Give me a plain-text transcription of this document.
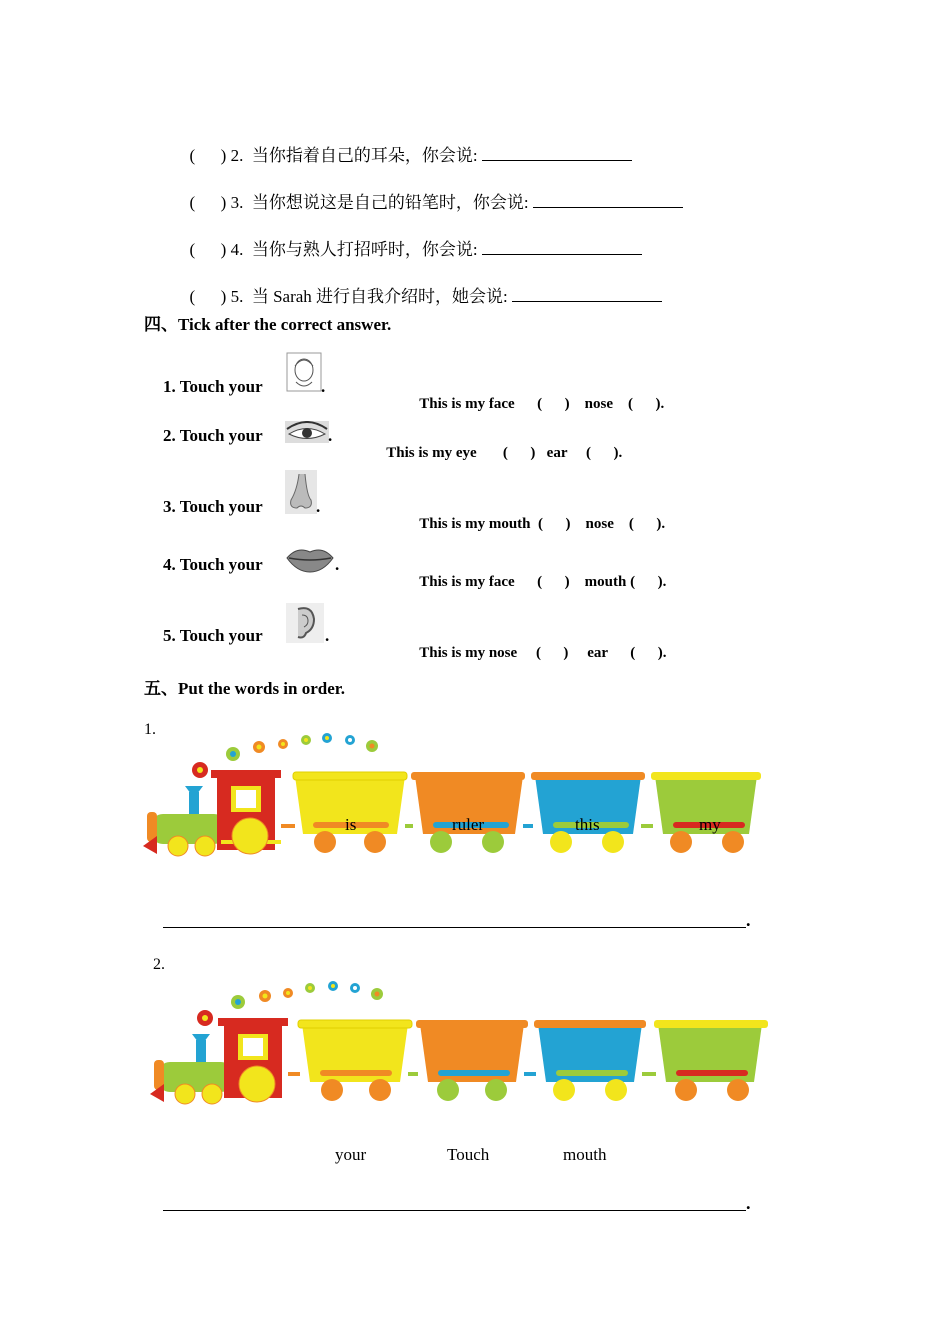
(      ) 2. 当你指着自己的耳朵，你会说:

(      ) 3. 当你想说这是自己的铅笔时，你会说:

(      ) 4. 当你与熟人打招呼时，你会说:

(      ) 5. 当 Sarah 进行自我介绍时，她会说:

四、Tick after the correct answer.
1. Touch your	.

This is my face (      ) nose (      ).

2. Touch your	.

This is my eye (      ) ear (      ).

3. Touch your	.

This is my mouth (      ) nose (      ).

4. Touch your	.

This is my face (      ) mouth (      ).

5. Touch your	.

This is my nose (      ) ear (      ).

五、Put the words in order.
1.
is	ruler	this	my
.
2.
your	Touch	mouth
.
